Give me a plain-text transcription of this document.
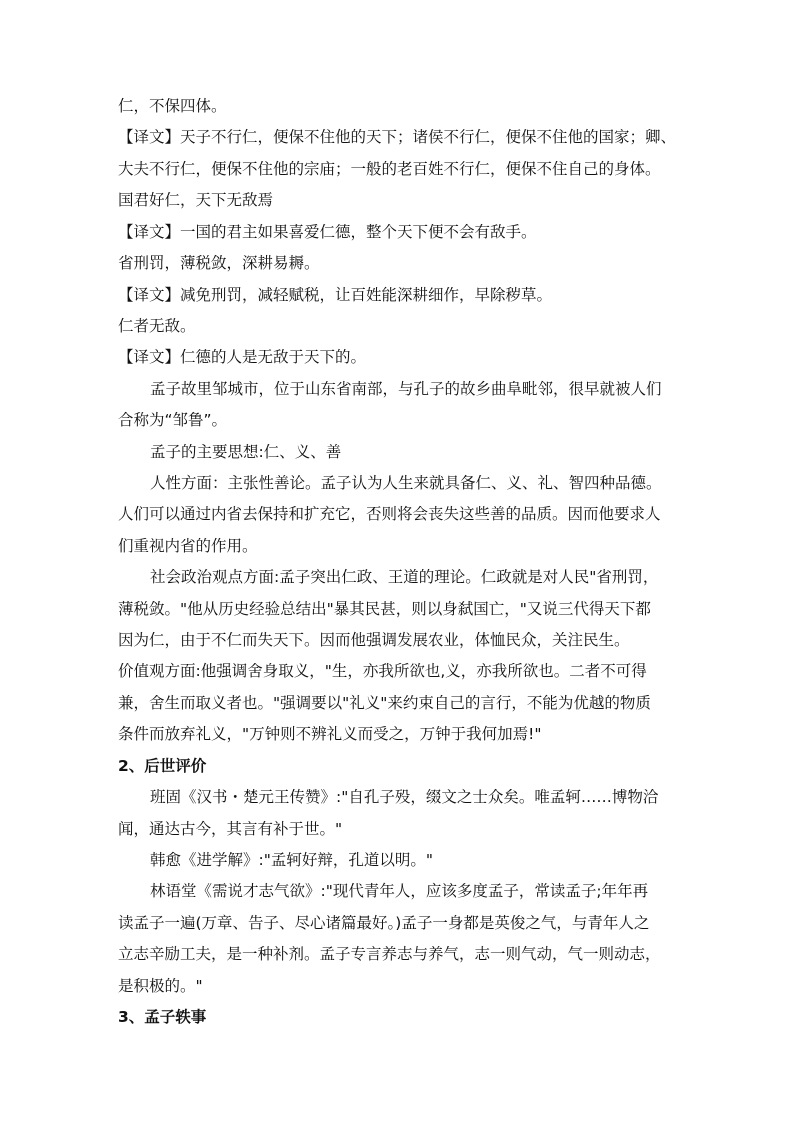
仁，不保四体。
【译文】天子不行仁，便保不住他的天下；诸侯不行仁，便保不住他的国家；卿、
大夫不行仁，便保不住他的宗庙；一般的老百姓不行仁，便保不住自己的身体。
国君好仁，天下无敌焉
【译文】一国的君主如果喜爱仁德，整个天下便不会有敌手。
省刑罚，薄税敛，深耕易耨。
【译文】减免刑罚，减轻赋税，让百姓能深耕细作，早除秽草。
仁者无敌。
【译文】仁德的人是无敌于天下的。
孟子故里邹城市，位于山东省南部，与孔子的故乡曲阜毗邻，很早就被人们
合称为“邹鲁”。
孟子的主要思想:仁、义、善
人性方面：主张性善论。孟子认为人生来就具备仁、义、礼、智四种品德。
人们可以通过内省去保持和扩充它，否则将会丧失这些善的品质。因而他要求人
们重视内省的作用。
社会政治观点方面:孟子突出仁政、王道的理论。仁政就是对人民"省刑罚，
薄税敛。"他从历史经验总结出"暴其民甚，则以身弑国亡，"又说三代得天下都
因为仁，由于不仁而失天下。因而他强调发展农业，体恤民众，关注民生。
价值观方面:他强调舍身取义，"生，亦我所欲也,义，亦我所欲也。二者不可得
兼，舍生而取义者也。"强调要以"礼义"来约束自己的言行，不能为优越的物质
条件而放弃礼义，"万钟则不辨礼义而受之，万钟于我何加焉!"
2、后世评价
班固《汉书・楚元王传赞》:"自孔子殁，缀文之士众矣。唯孟轲……博物洽
闻，通达古今，其言有补于世。"
韩愈《进学解》:"孟轲好辩，孔道以明。"
林语堂《需说才志气欲》:"现代青年人，应该多度孟子，常读孟子;年年再
读孟子一遍(万章、告子、尽心诸篇最好。)孟子一身都是英俊之气，与青年人之
立志辛励工夫，是一种补剂。孟子专言养志与养气，志一则气动，气一则动志，
是积极的。"
3、孟子轶事
